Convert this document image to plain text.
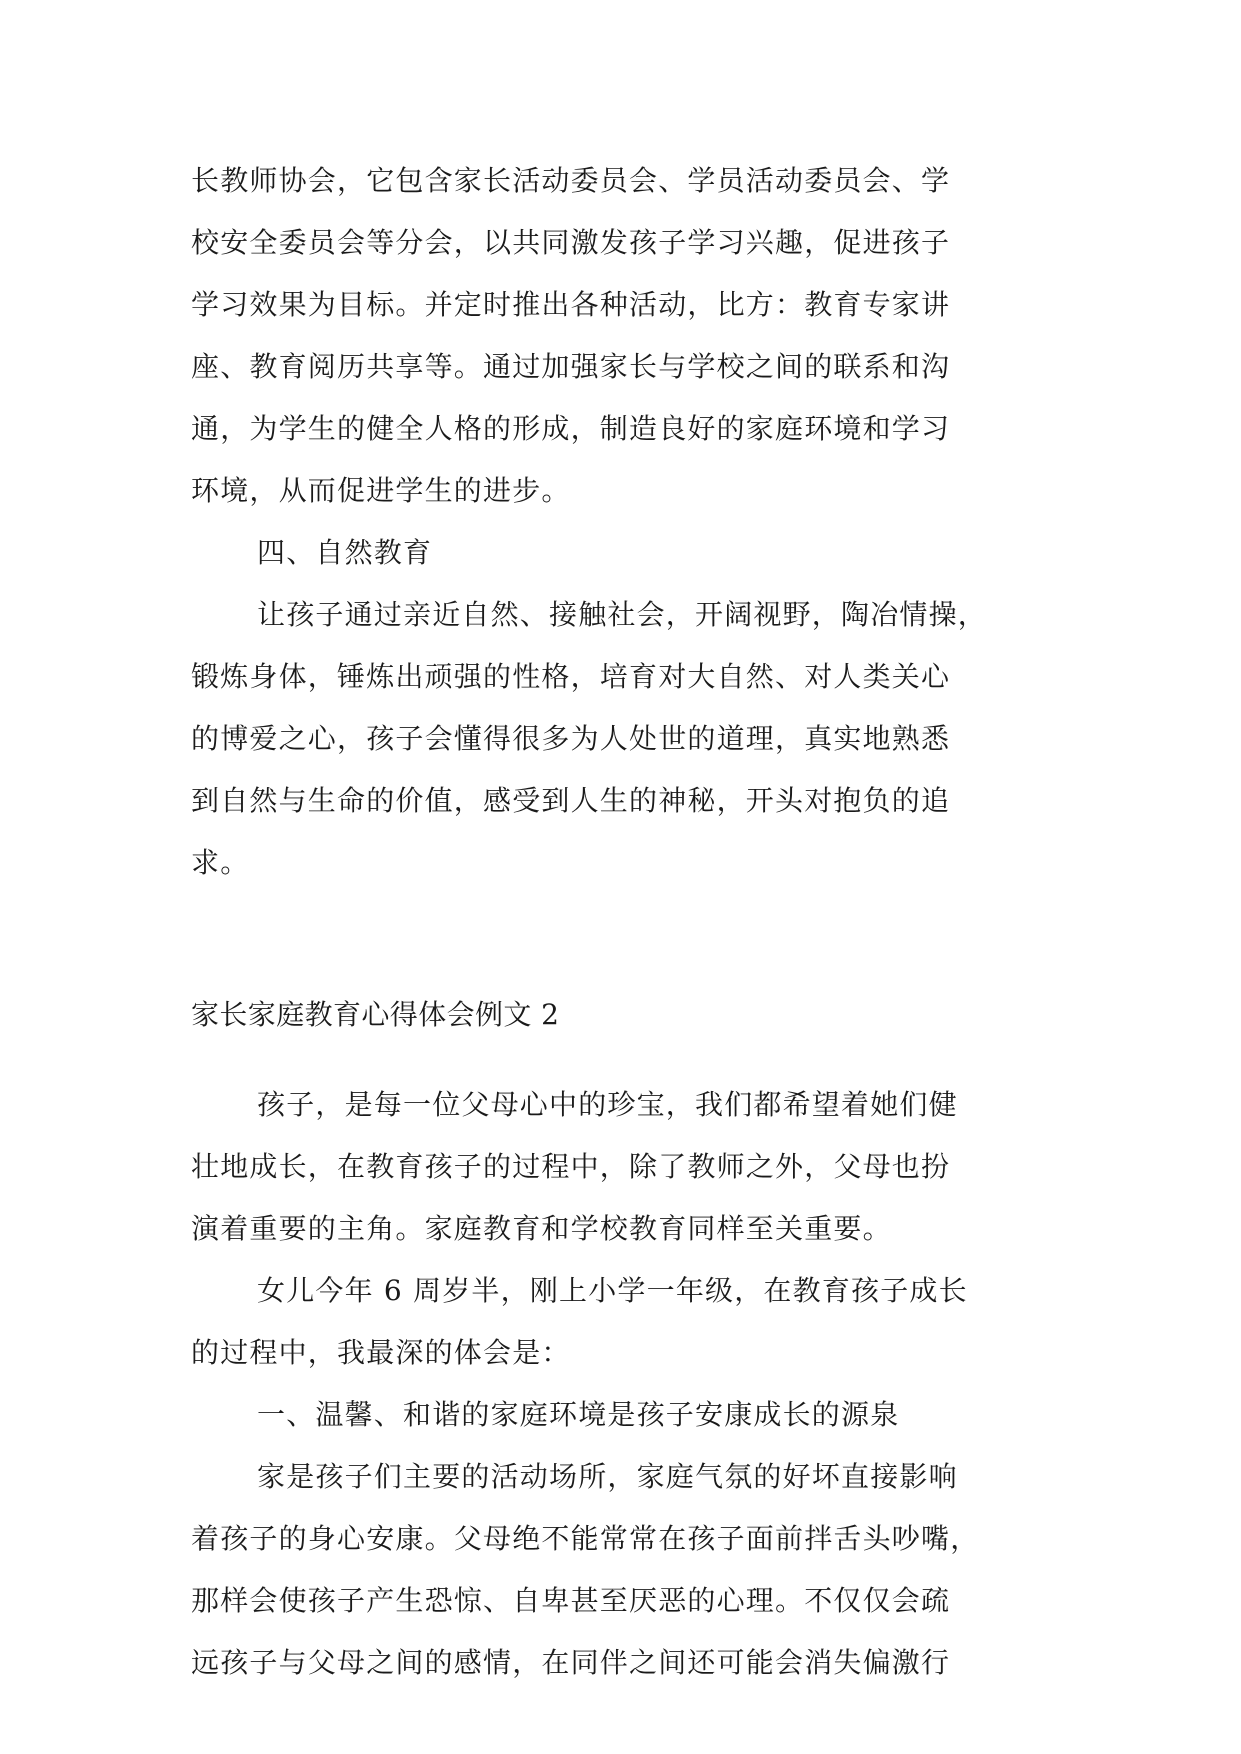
长教师协会，它包含家长活动委员会、学员活动委员会、学

校安全委员会等分会，以共同激发孩子学习兴趣，促进孩子

学习效果为目标。并定时推出各种活动，比方：教育专家讲

座、教育阅历共享等。通过加强家长与学校之间的联系和沟

通，为学生的健全人格的形成，制造良好的家庭环境和学习

环境，从而促进学生的进步。

四、自然教育

让孩子通过亲近自然、接触社会，开阔视野，陶冶情操，

锻炼身体，锤炼出顽强的性格，培育对大自然、对人类关心

的博爱之心，孩子会懂得很多为人处世的道理，真实地熟悉

到自然与生命的价值，感受到人生的神秘，开头对抱负的追

求。

家长家庭教育心得体会例文 2

孩子，是每一位父母心中的珍宝，我们都希望着她们健

壮地成长，在教育孩子的过程中，除了教师之外，父母也扮

演着重要的主角。家庭教育和学校教育同样至关重要。

女儿今年 6 周岁半，刚上小学一年级，在教育孩子成长

的过程中，我最深的体会是：

一、温馨、和谐的家庭环境是孩子安康成长的源泉

家是孩子们主要的活动场所，家庭气氛的好坏直接影响

着孩子的身心安康。父母绝不能常常在孩子面前拌舌头吵嘴，

那样会使孩子产生恐惊、自卑甚至厌恶的心理。不仅仅会疏

远孩子与父母之间的感情，在同伴之间还可能会消失偏激行
